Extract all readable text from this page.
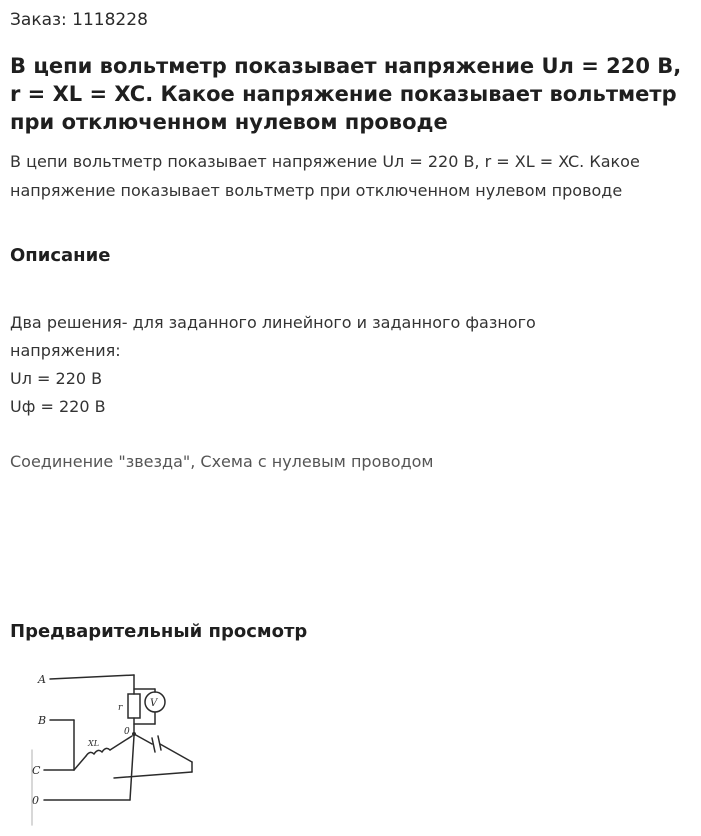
Заказ: 1118228
В цепи вольтметр показывает напряжение Uл = 220 В, r = XL = XC. Какое напряжение показывает вольтметр при отключенном нулевом проводе
В цепи вольтметр показывает напряжение Uл = 220 В, r = XL = XC. Какое напряжение показывает вольтметр при отключенном нулевом проводе
Описание

Два решения- для заданного линейного и заданного фазного напряжения:

Uл = 220 В

Uф = 220 В

Соединение "звезда", Схема с нулевым проводом
Предварительный просмотр
A
B
C
0
r
0
XL
V
